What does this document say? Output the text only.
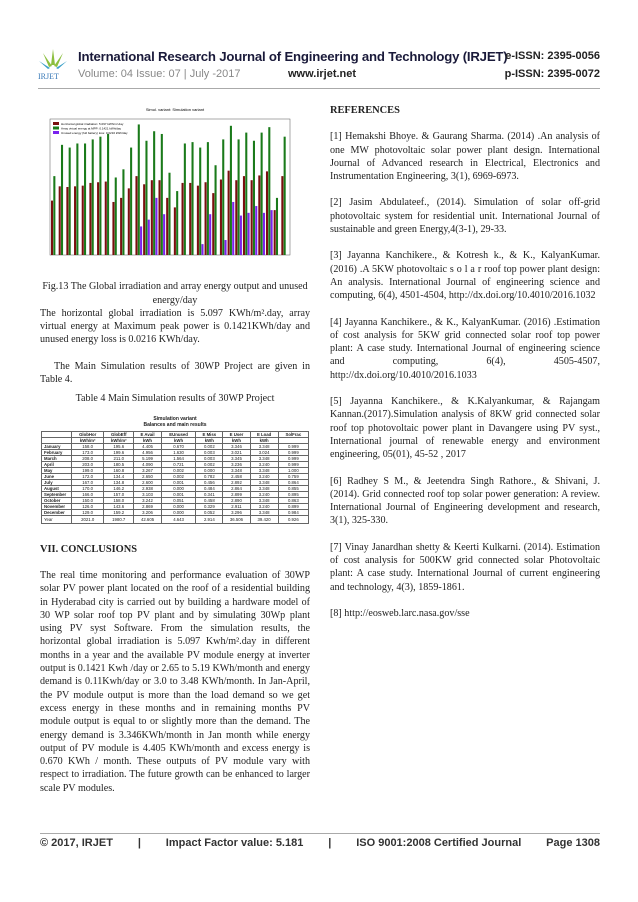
IRJET
International Research Journal of Engineering and Technology (IRJET)
e-ISSN: 2395-0056
Volume: 04 Issue: 07 | July -2017	www.irjet.net	p-ISSN: 2395-0072
Simul. variant: Simulation variant
Horizontal global irradiation: 5.097 kWh/m².day
Array virtual energy at MPP: 0.1421 kWh/day
Unused energy (full battery) loss: 0.0216 kWh/day

Fig.13 The Global irradiation and array energy output and unused energy/day

The horizontal global irradiation is 5.097 KWh/m².day, array virtual energy at Maximum peak power is 0.1421KWh/day and unused energy loss is 0.0216 KWh/day.

The Main Simulation results of 30WP Project are given in Table 4.

Table 4 Main Simulation results of 30WP Project

Simulation variant
Balances and main results
	GlobHor	GlobEff	E Avail	EUnused	E Miss	E User	E Load	SolFrac
	kWh/m²	kWh/m²	kWh	kWh	kWh	kWh	kWh	
January	158.0	195.6	4.405	0.670	0.002	3.346	3.348	0.999
February	173.0	199.6	4.956	1.630	0.003	3.021	3.024	0.999
March	208.0	211.0	5.199	1.564	0.003	3.345	3.348	0.999
April	203.0	180.5	4.090	0.721	0.002	3.236	3.240	0.999
May	199.0	160.8	3.267	0.002	0.000	3.348	3.348	1.000
June	172.0	134.4	2.650	0.002	0.782	2.458	3.240	0.759
July	167.0	134.8	2.600	0.001	0.456	2.892	3.348	0.864
August	170.0	146.2	2.938	0.000	0.484	2.864	3.348	0.855
September	166.0	157.0	3.103	0.001	0.341	2.899	3.240	0.895
October	150.0	158.0	3.242	0.051	0.458	2.890	3.348	0.863
November	126.0	143.6	2.869	0.000	0.329	2.911	3.240	0.899
December	129.0	159.2	3.206	0.000	0.052	3.296	3.348	0.984
Year	2021.0	1980.7	42.605	4.643	2.914	36.506	39.420	0.926
VII. CONCLUSIONS

The real time monitoring and performance evaluation of 30WP solar PV power plant located on the roof of a residential building in Hyderabad city is carried out by building a hardware model of 30 WP solar roof top PV plant and by simulating 30Wp plant using PV syst Software. From the simulation results, the horizontal global irradiation is 5.097 Kwh/m².day in different months in a year and the available PV module energy at inverter output is 0.1421 Kwh /day or 2.65 to 5.19 KWh/month and energy demand is 0.11Kwh/day or 3.0 to 3.48 KWh/month. In Jan-April, the PV module output is more than the load demand so we get excess energy in these months and in remaining months PV module output is equal to or slightly more than the demand. The energy demand is 3.346KWh/month in Jan month while energy output of PV module is 4.405 KWh/month and excess energy is 0.670 KWh / month. These outputs of PV module vary with respect to irradiation. The future growth can be enhanced to larger scale PV modules.

REFERENCES

[1] Hemakshi Bhoye. & Gaurang Sharma. (2014) .An analysis of one MW photovoltaic solar power plant design. International Journal of Advanced research in Electrical, Electronics and Instrumentation Engineering, 3(1), 6969-6973.

[2] Jasim Abdulateef., (2014). Simulation of solar off-grid photovoltaic system for residential unit. International Journal of sustainable and green Energy,4(3-1), 29-33.

[3] Jayanna Kanchikere., & Kotresh k., & K., KalyanKumar. (2016) .A 5KW photovoltaic s o l a r roof top power plant design: An analysis. International Journal of engineering science and computing, 6(4), 4501-4504, http://dx.doi.org/10.4010/2016.1032

[4] Jayanna Kanchikere., & K., KalyanKumar. (2016) .Estimation of cost analysis for 5KW grid connected solar roof top power plant: A case study. International Journal of engineering science and computing, 6(4), 4505-4507, http://dx.doi.org/10.4010/2016.1033

[5] Jayanna Kanchikere., & K.Kalyankumar, & Rajangam Kannan.(2017).Simulation analysis of 8KW grid connected solar roof top photovoltaic power plant in Davangere using PV syst., International journal of renewable energy and environment engineering, 05(01), 45-52 , 2017

[6] Radhey S M., & Jeetendra Singh Rathore., & Shivani, J. (2014). Grid connected roof top solar power generation: A review. International Journal of Engineering development and research, 3(1), 325-330.

[7] Vinay Janardhan shetty & Keerti Kulkarni. (2014). Estimation of cost analysis for 500KW grid connected solar Photovoltaic plant: A case study. International Journal of current engineering and technology, 4(3), 1859-1861.

[8] http://eosweb.larc.nasa.gov/sse

© 2017, IRJET | Impact Factor value: 5.181 | ISO 9001:2008 Certified Journal Page 1308
